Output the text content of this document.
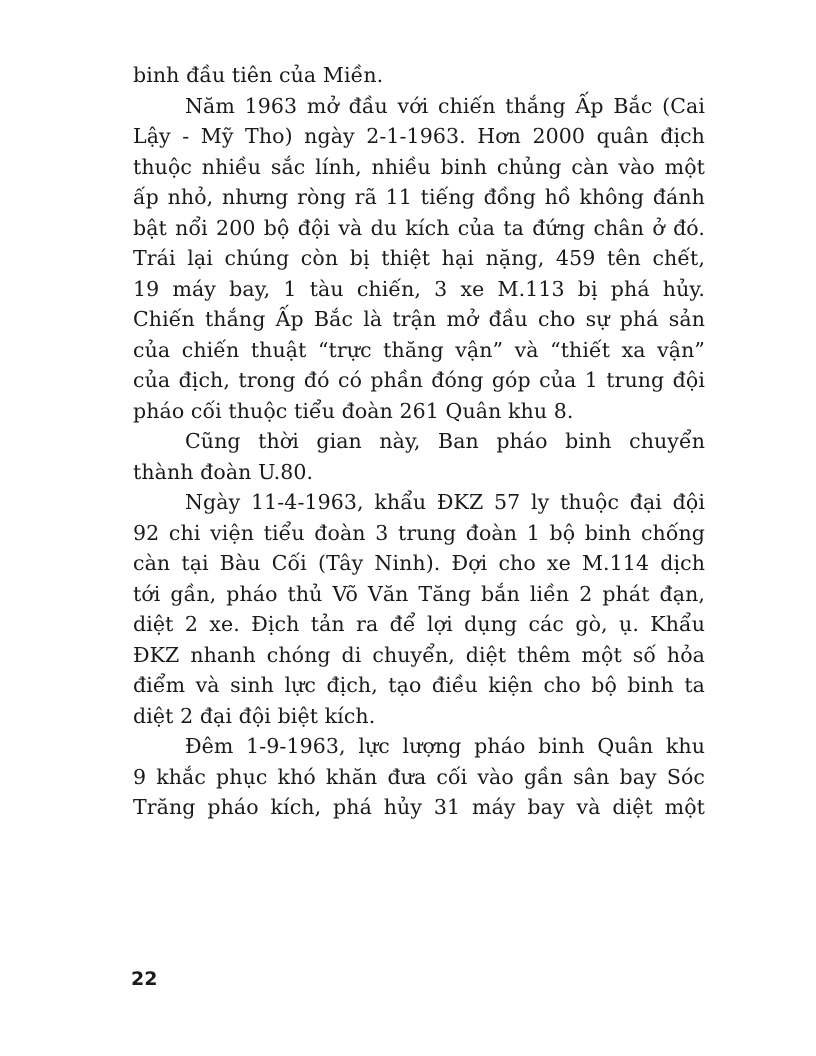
binh đầu tiên của Miền.
Năm 1963 mở đầu với chiến thắng Ấp Bắc (Cai
Lậy - Mỹ Tho) ngày 2-1-1963. Hơn 2000 quân địch
thuộc nhiều sắc lính, nhiều binh chủng càn vào một
ấp nhỏ, nhưng ròng rã 11 tiếng đồng hồ không đánh
bật nổi 200 bộ đội và du kích của ta đứng chân ở đó.
Trái lại chúng còn bị thiệt hại nặng, 459 tên chết,
19 máy bay, 1 tàu chiến, 3 xe M.113 bị phá hủy.
Chiến thắng Ấp Bắc là trận mở đầu cho sự phá sản
của chiến thuật “trực thăng vận” và “thiết xa vận”
của địch, trong đó có phần đóng góp của 1 trung đội
pháo cối thuộc tiểu đoàn 261 Quân khu 8.
Cũng thời gian này, Ban pháo binh chuyển
thành đoàn U.80.
Ngày 11-4-1963, khẩu ĐKZ 57 ly thuộc đại đội
92 chi viện tiểu đoàn 3 trung đoàn 1 bộ binh chống
càn tại Bàu Cối (Tây Ninh). Đợi cho xe M.114 dịch
tới gần, pháo thủ Võ Văn Tăng bắn liền 2 phát đạn,
diệt 2 xe. Địch tản ra để lợi dụng các gò, ụ. Khẩu
ĐKZ nhanh chóng di chuyển, diệt thêm một số hỏa
điểm và sinh lực địch, tạo điều kiện cho bộ binh ta
diệt 2 đại đội biệt kích.
Đêm 1-9-1963, lực lượng pháo binh Quân khu
9 khắc phục khó khăn đưa cối vào gần sân bay Sóc
Trăng pháo kích, phá hủy 31 máy bay và diệt một
22
